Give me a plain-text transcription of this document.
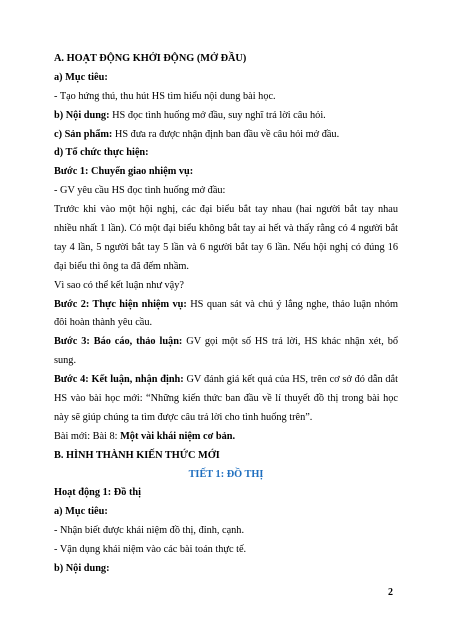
A. HOẠT ĐỘNG KHỞI ĐỘNG (MỞ ĐẦU)
a) Mục tiêu:
- Tạo hứng thú, thu hút HS tìm hiểu nội dung bài học.
b) Nội dung: HS đọc tình huống mở đầu, suy nghĩ trả lời câu hỏi.
c) Sản phẩm: HS đưa ra được nhận định ban đầu về câu hỏi mở đầu.
d) Tổ chức thực hiện:
Bước 1: Chuyển giao nhiệm vụ:
- GV yêu cầu HS đọc tình huống mở đầu:
Trước khi vào một hội nghị, các đại biểu bắt tay nhau (hai người bắt tay nhau
nhiều nhất 1 lần). Có một đại biểu không bắt tay ai hết và thấy rằng có 4 người bắt
tay 4 lần, 5 người bắt tay 5 lần và 6 người bắt tay 6 lần. Nếu hội nghị có đúng 16
đại biểu thì ông ta đã đếm nhầm.
Vì sao có thể kết luận như vậy?
Bước 2: Thực hiện nhiệm vụ: HS quan sát và chú ý lắng nghe, thảo luận nhóm
đôi hoàn thành yêu cầu.
Bước 3: Báo cáo, thảo luận: GV gọi một số HS trả lời, HS khác nhận xét, bổ
sung.
Bước 4: Kết luận, nhận định: GV đánh giá kết quả của HS, trên cơ sở đó dẫn dắt
HS vào bài học mới: “Những kiến thức ban đầu về lí thuyết đồ thị trong bài học
này sẽ giúp chúng ta tìm được câu trả lời cho tình huống trên”.
Bài mới: Bài 8: Một vài khái niệm cơ bản.
B. HÌNH THÀNH KIẾN THỨC MỚI
TIẾT 1: ĐỒ THỊ
Hoạt động 1: Đồ thị
a) Mục tiêu:
- Nhận biết được khái niệm đồ thị, đỉnh, cạnh.
- Vận dụng khái niệm vào các bài toán thực tế.
b) Nội dung:
2
